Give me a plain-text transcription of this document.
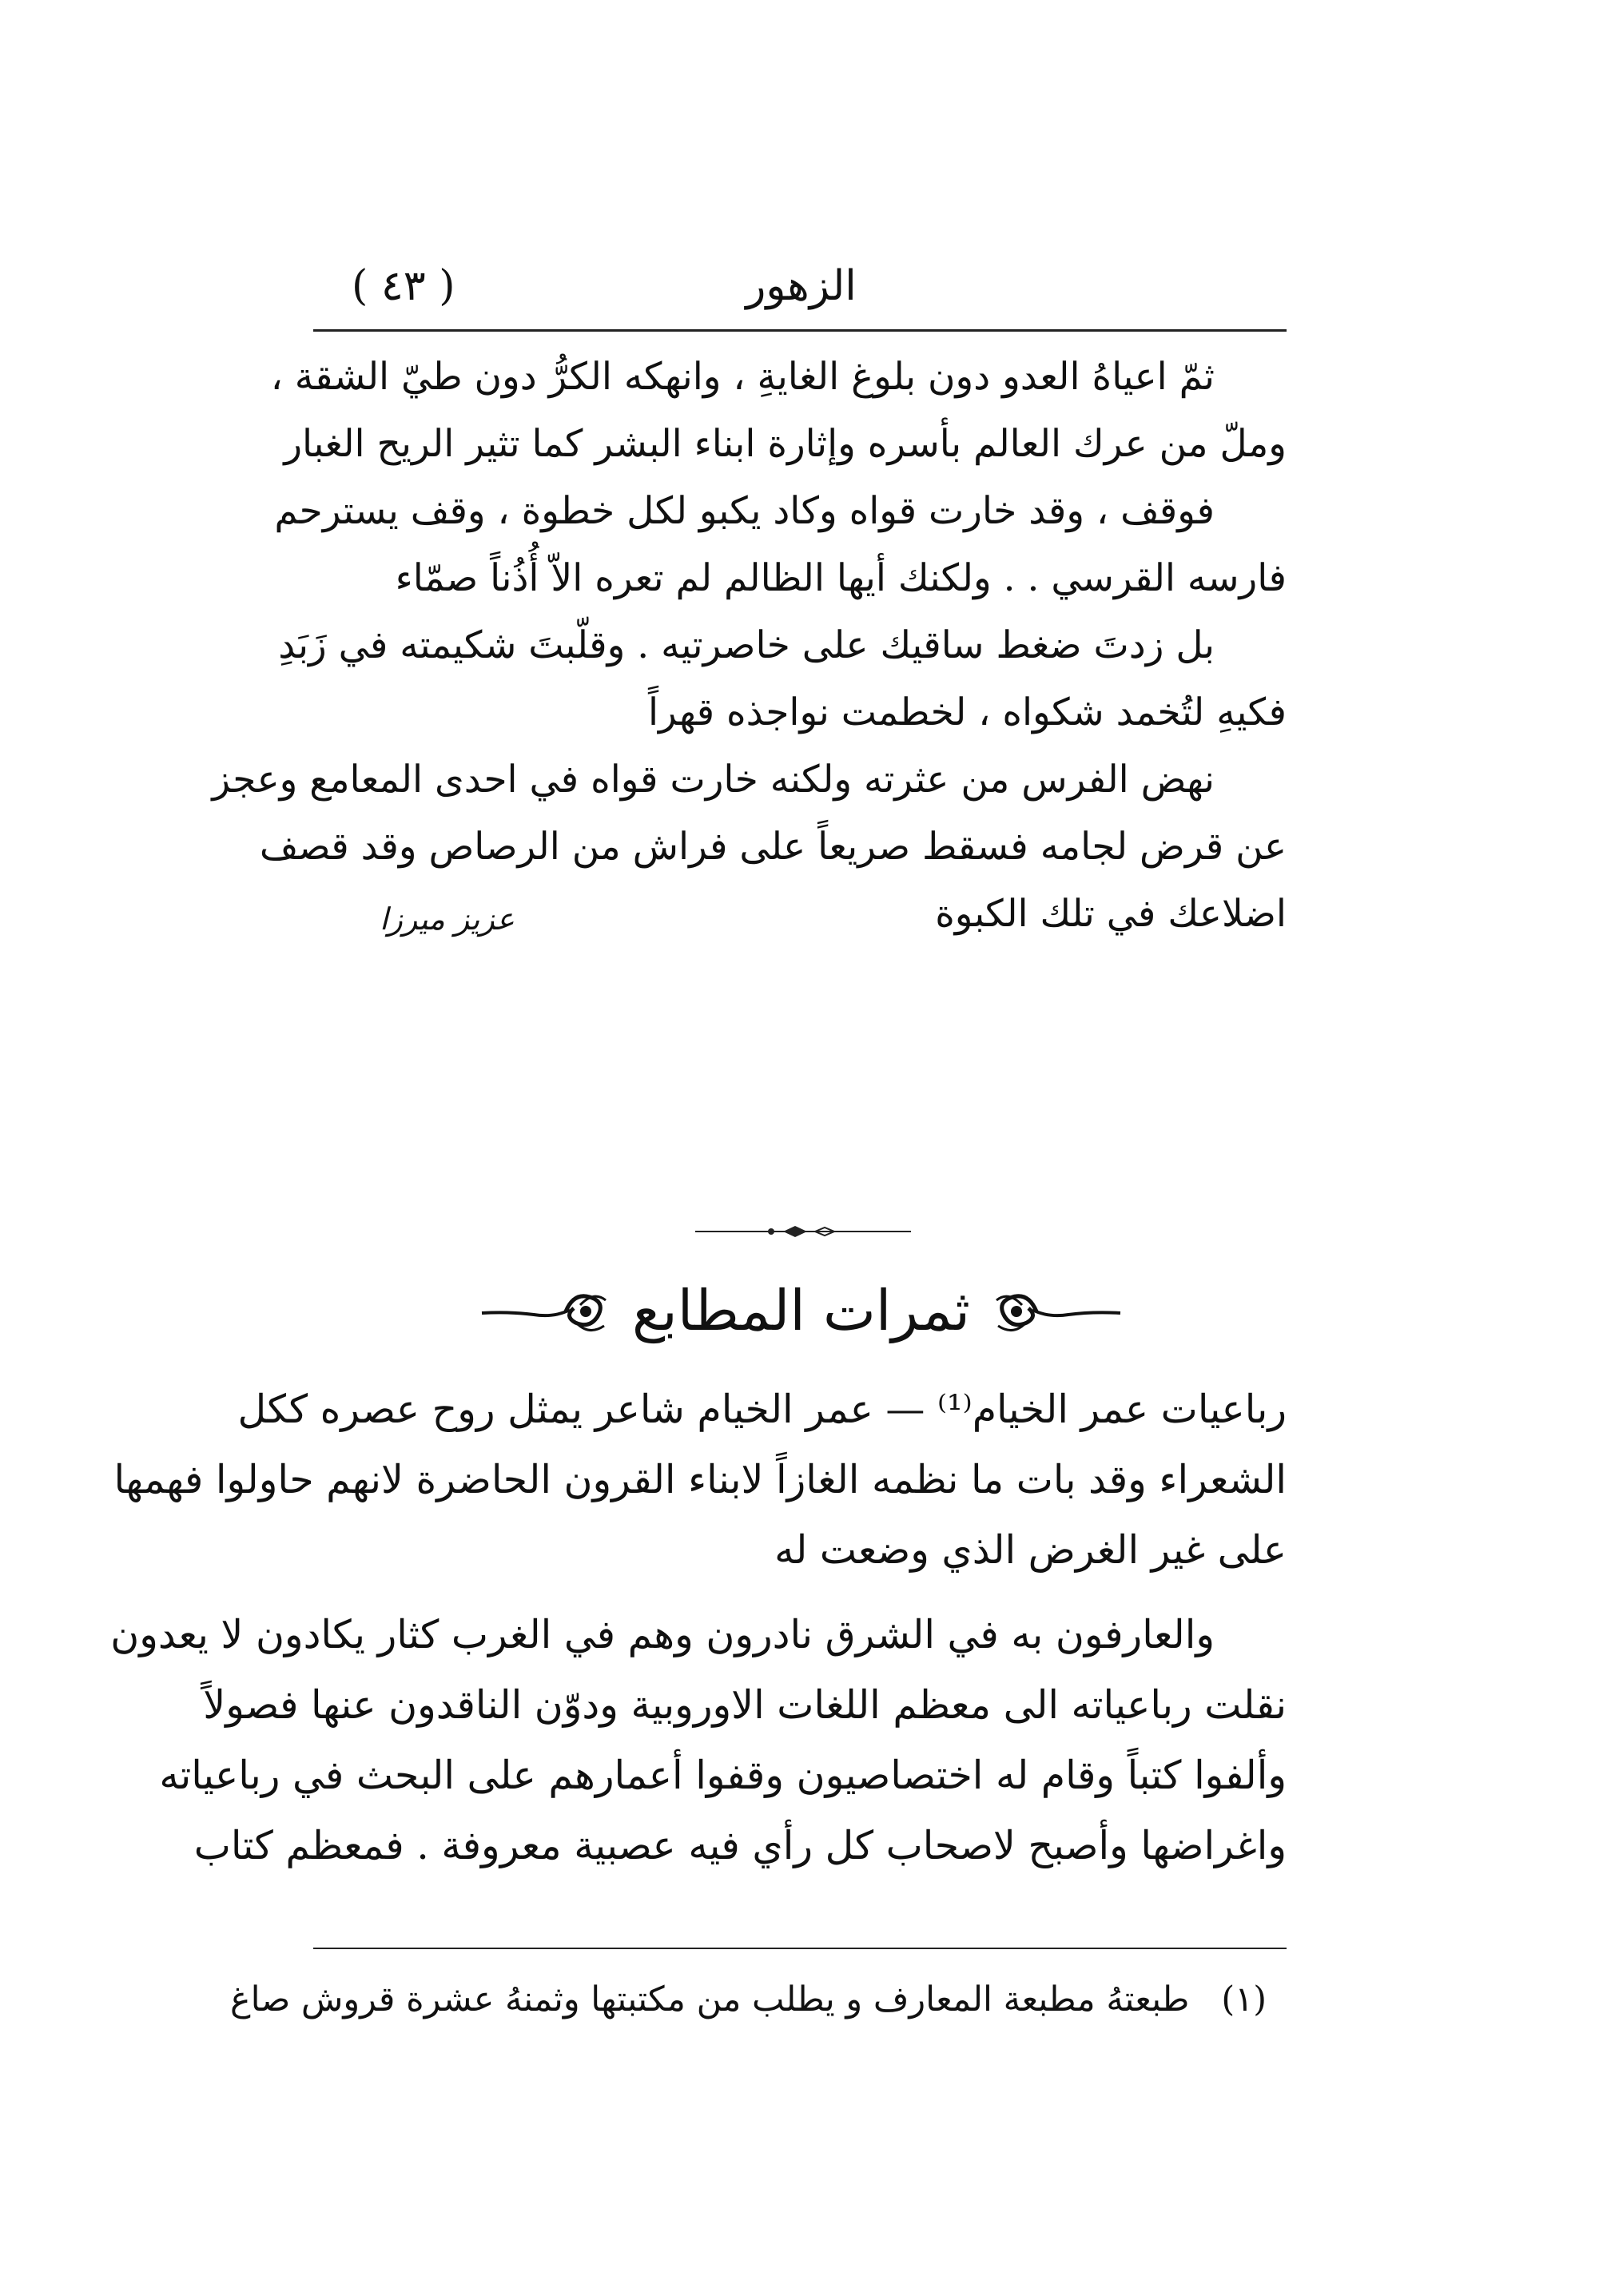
( ٤٣ )	الزهور
ثمّ اعياهُ العدو دون بلوغ الغايةِ ، وانهكه الكرُّ دون طيّ الشقة ،
وملّ من عرك العالم بأسره وإثارة ابناء البشر كما تثير الريح الغبار
فوقف ، وقد خارت قواه وكاد يكبو لكل خطوة ، وقف يسترحم
فارسه القرسي . . ولكنك أيها الظالم لم تعره الاّ أُذُناً صمّاء
بل زدتَ ضغط ساقيك على خاصرتيه . وقلّبتَ شكيمته في زَبَدِ
فكيهِ لتُخمد شكواه ، لخطمت نواجذه قهراً
نهض الفرس من عثرته ولكنه خارت قواه في احدى المعامع وعجز
عن قرض لجامه فسقط صريعاً على فراش من الرصاص وقد قصف
اضلاعك في تلك الكبوة
عزيز ميرزا
ثمرات المطابع
رباعيات عمر الخيام⁽¹⁾ — عمر الخيام شاعر يمثل روح عصره ككل
الشعراء وقد بات ما نظمه الغازاً لابناء القرون الحاضرة لانهم حاولوا فهمها
على غير الغرض الذي وضعت له
والعارفون به في الشرق نادرون وهم في الغرب كثار يكادون لا يعدون
نقلت رباعياته الى معظم اللغات الاوروبية ودوّن الناقدون عنها فصولاً
وألفوا كتباً وقام له اختصاصيون وقفوا أعمارهم على البحث في رباعياته
واغراضها وأصبح لاصحاب كل رأي فيه عصبية معروفة . فمعظم كتاب
(١)طبعتهُ مطبعة المعارف و يطلب من مكتبتها وثمنهُ عشرة قروش صاغ
